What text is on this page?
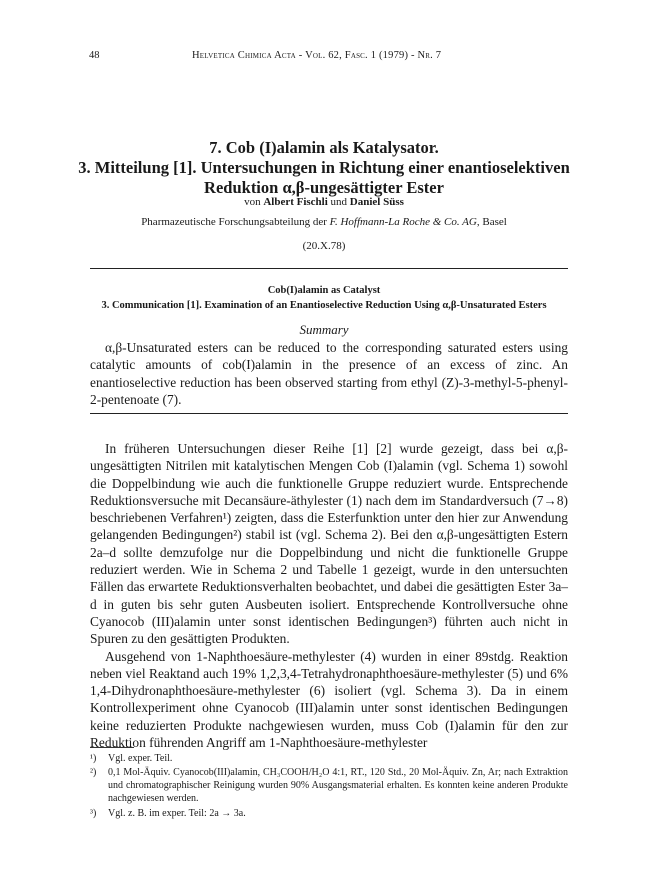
48	Helvetica Chimica Acta - Vol. 62, Fasc. 1 (1979) - Nr. 7
7. Cob (I)alamin als Katalysator.
3. Mitteilung [1]. Untersuchungen in Richtung einer enantioselektiven
Reduktion α,β-ungesättigter Ester
von Albert Fischli und Daniel Süss
Pharmazeutische Forschungsabteilung der F. Hoffmann-La Roche & Co. AG, Basel
(20.X.78)
Cob(I)alamin as Catalyst
3. Communication [1]. Examination of an Enantioselective Reduction Using α,β-Unsaturated Esters
Summary

α,β-Unsaturated esters can be reduced to the corresponding saturated esters using catalytic amounts of cob(I)alamin in the presence of an excess of zinc. An enantioselective reduction has been observed starting from ethyl (Z)-3-methyl-5-phenyl-2-pentenoate (7).

In früheren Untersuchungen dieser Reihe [1] [2] wurde gezeigt, dass bei α,β-ungesättigten Nitrilen mit katalytischen Mengen Cob (I)alamin (vgl. Schema 1) sowohl die Doppelbindung wie auch die funktionelle Gruppe reduziert wurde. Entsprechende Reduktionsversuche mit Decansäure-äthylester (1) nach dem im Standardversuch (7→8) beschriebenen Verfahren¹) zeigten, dass die Esterfunktion unter den hier zur Anwendung gelangenden Bedingungen²) stabil ist (vgl. Schema 2). Bei den α,β-ungesättigten Estern 2a–d sollte demzufolge nur die Doppelbindung und nicht die funktionelle Gruppe reduziert werden. Wie in Schema 2 und Tabelle 1 gezeigt, wurde in den untersuchten Fällen das erwartete Reduktionsverhalten beobachtet, und dabei die gesättigten Ester 3a–d in guten bis sehr guten Ausbeuten isoliert. Entsprechende Kontrollversuche ohne Cyanocob (III)alamin unter sonst identischen Bedingungen³) führten auch nicht in Spuren zu den gesättigten Produkten.

Ausgehend von 1-Naphthoesäure-methylester (4) wurden in einer 89stdg. Reaktion neben viel Reaktand auch 19% 1,2,3,4-Tetrahydronaphthoesäure-methylester (5) und 6% 1,4-Dihydronaphthoesäure-methylester (6) isoliert (vgl. Schema 3). Da in einem Kontrollexperiment ohne Cyanocob (III)alamin unter sonst identischen Bedingungen keine reduzierten Produkte nachgewiesen wurden, muss Cob (I)alamin für den zur Reduktion führenden Angriff am 1-Naphthoesäure-methylester

¹) Vgl. exper. Teil.
²) 0,1 Mol-Äquiv. Cyanocob(III)alamin, CH₃COOH/H₂O 4:1, RT., 120 Std., 20 Mol-Äquiv. Zn, Ar; nach Extraktion und chromatographischer Reinigung wurden 90% Ausgangsmaterial erhalten. Es konnten keine anderen Produkte nachgewiesen werden.
³) Vgl. z. B. im exper. Teil: 2a → 3a.
